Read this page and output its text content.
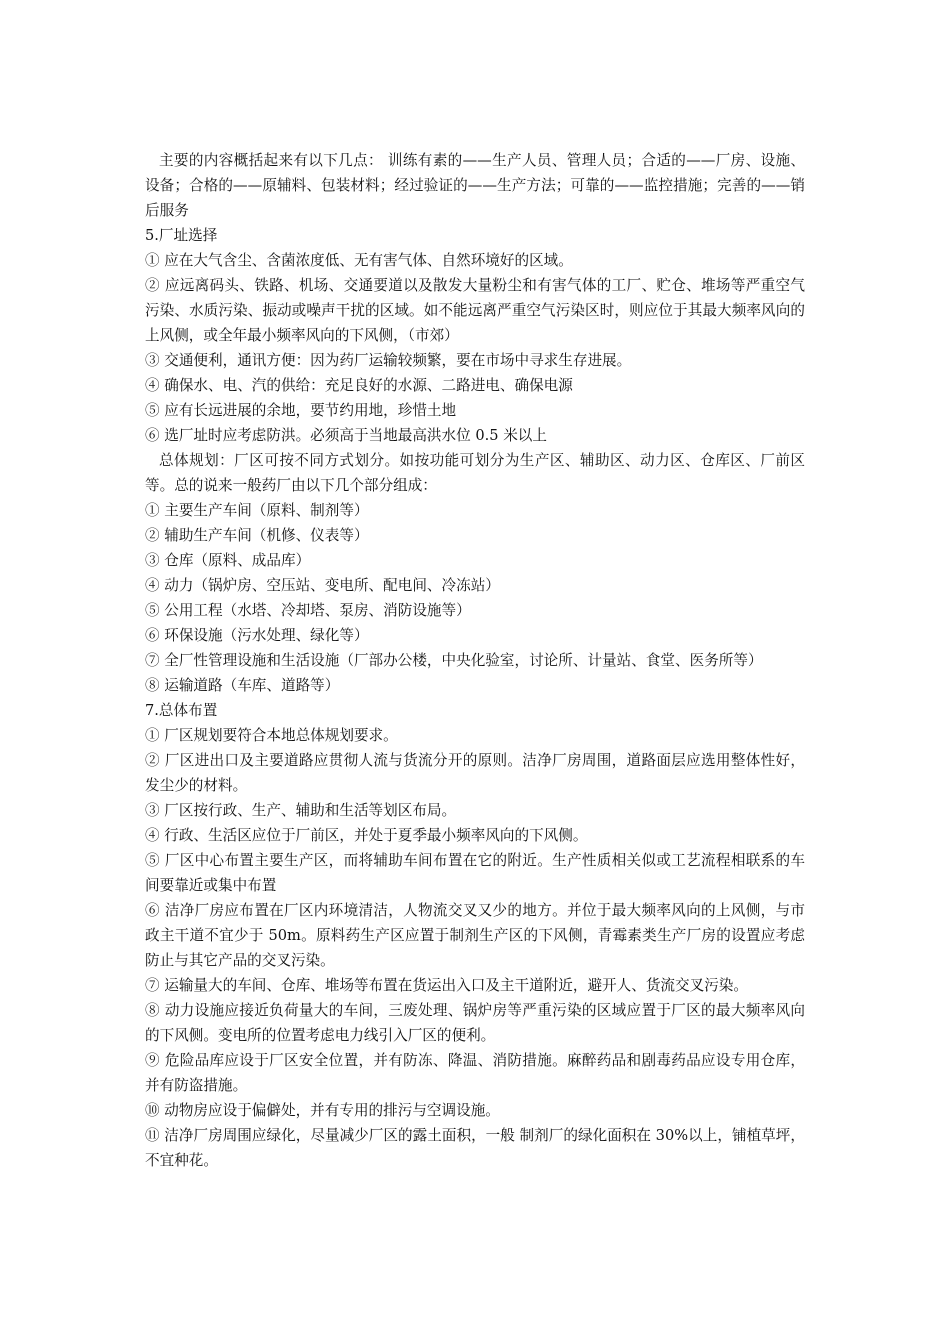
主要的内容概括起来有以下几点： 训练有素的——生产人员、管理人员；合适的——厂房、设施、设备；合格的——原辅料、包装材料；经过验证的——生产方法；可靠的——监控措施；完善的——销后服务

5.厂址选择

① 应在大气含尘、含菌浓度低、无有害气体、自然环境好的区域。

② 应远离码头、铁路、机场、交通要道以及散发大量粉尘和有害气体的工厂、贮仓、堆场等严重空气污染、水质污染、振动或噪声干扰的区域。如不能远离严重空气污染区时，则应位于其最大频率风向的上风侧，或全年最小频率风向的下风侧，（市郊）

③ 交通便利，通讯方便：因为药厂运输较频繁，要在市场中寻求生存进展。

④ 确保水、电、汽的供给：充足良好的水源、二路进电、确保电源

⑤ 应有长远进展的余地，要节约用地，珍惜土地

⑥ 选厂址时应考虑防洪。必须高于当地最高洪水位 0.5 米以上

总体规划：厂区可按不同方式划分。如按功能可划分为生产区、辅助区、动力区、仓库区、厂前区等。总的说来一般药厂由以下几个部分组成：

① 主要生产车间（原料、制剂等）

② 辅助生产车间（机修、仪表等）

③ 仓库（原料、成品库）

④ 动力（锅炉房、空压站、变电所、配电间、冷冻站）

⑤ 公用工程（水塔、冷却塔、泵房、消防设施等）

⑥ 环保设施（污水处理、绿化等）

⑦ 全厂性管理设施和生活设施（厂部办公楼，中央化验室，讨论所、计量站、食堂、医务所等）

⑧ 运输道路（车库、道路等）

7.总体布置

① 厂区规划要符合本地总体规划要求。

② 厂区进出口及主要道路应贯彻人流与货流分开的原则。洁净厂房周围，道路面层应选用整体性好，发尘少的材料。

③ 厂区按行政、生产、辅助和生活等划区布局。

④ 行政、生活区应位于厂前区，并处于夏季最小频率风向的下风侧。

⑤ 厂区中心布置主要生产区，而将辅助车间布置在它的附近。生产性质相关似或工艺流程相联系的车间要靠近或集中布置

⑥ 洁净厂房应布置在厂区内环境清洁，人物流交叉又少的地方。并位于最大频率风向的上风侧，与市政主干道不宜少于 50m。原料药生产区应置于制剂生产区的下风侧，青霉素类生产厂房的设置应考虑防止与其它产品的交叉污染。

⑦ 运输量大的车间、仓库、堆场等布置在货运出入口及主干道附近，避开人、货流交叉污染。

⑧ 动力设施应接近负荷量大的车间，三废处理、锅炉房等严重污染的区域应置于厂区的最大频率风向的下风侧。变电所的位置考虑电力线引入厂区的便利。

⑨ 危险品库应设于厂区安全位置，并有防冻、降温、消防措施。麻醉药品和剧毒药品应设专用仓库，并有防盗措施。

⑩ 动物房应设于偏僻处，并有专用的排污与空调设施。

⑪ 洁净厂房周围应绿化，尽量减少厂区的露土面积，一般 制剂厂的绿化面积在 30%以上，铺植草坪，不宜种花。
